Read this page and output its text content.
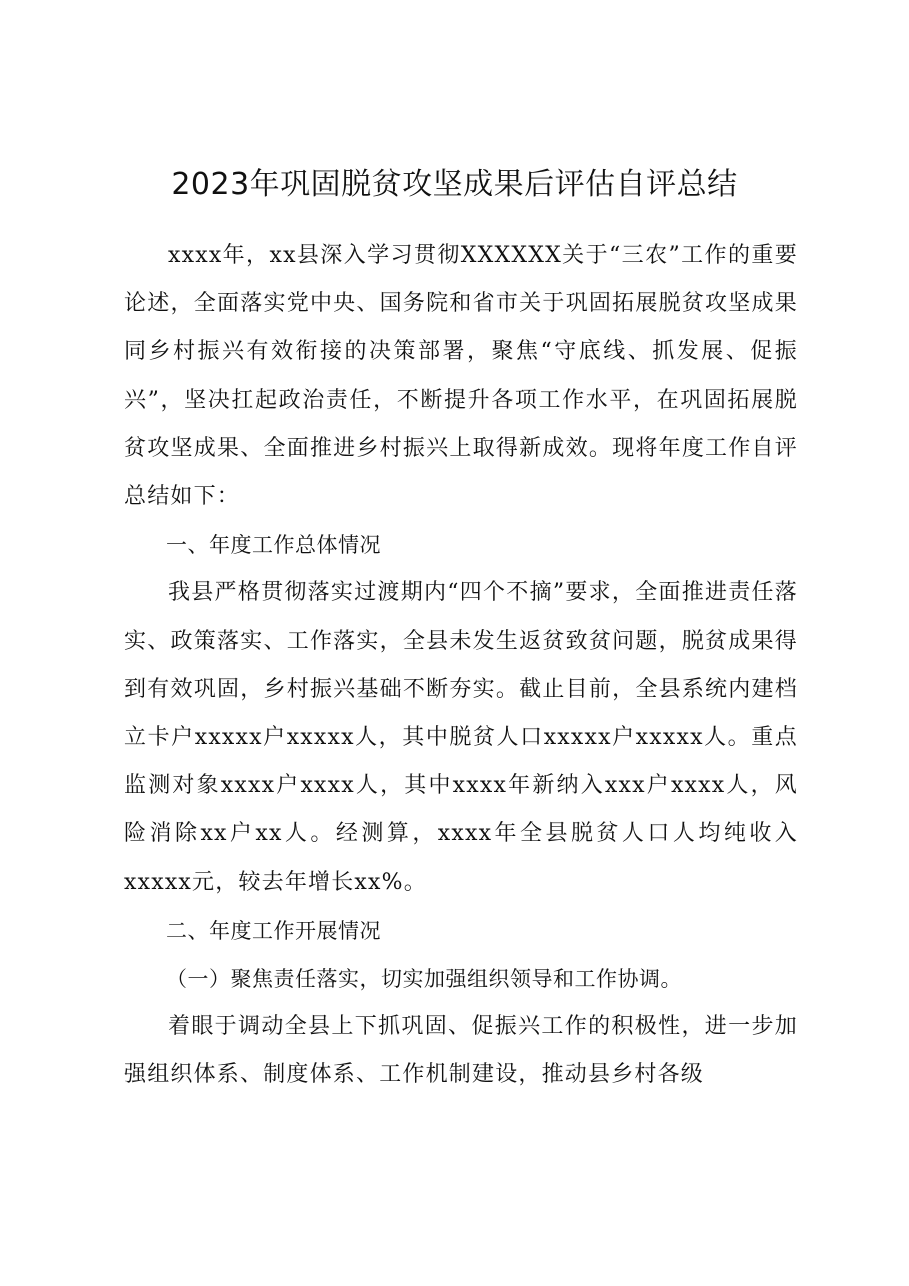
2023年巩固脱贫攻坚成果后评估自评总结

xxxx年，xx县深入学习贯彻XXXXXX关于“三农”工作的重要论述，全面落实党中央、国务院和省市关于巩固拓展脱贫攻坚成果同乡村振兴有效衔接的决策部署，聚焦“守底线、抓发展、促振兴”，坚决扛起政治责任，不断提升各项工作水平，在巩固拓展脱贫攻坚成果、全面推进乡村振兴上取得新成效。现将年度工作自评总结如下：

一、年度工作总体情况

我县严格贯彻落实过渡期内“四个不摘”要求，全面推进责任落实、政策落实、工作落实，全县未发生返贫致贫问题，脱贫成果得到有效巩固，乡村振兴基础不断夯实。截止目前，全县系统内建档立卡户xxxxx户xxxxx人，其中脱贫人口xxxxx户xxxxx人。重点监测对象xxxx户xxxx人，其中xxxx年新纳入xxx户xxxx人，风险消除xx户xx人。经测算，xxxx年全县脱贫人口人均纯收入xxxxx元，较去年增长xx%。

二、年度工作开展情况

（一）聚焦责任落实，切实加强组织领导和工作协调。

着眼于调动全县上下抓巩固、促振兴工作的积极性，进一步加强组织体系、制度体系、工作机制建设，推动县乡村各级
